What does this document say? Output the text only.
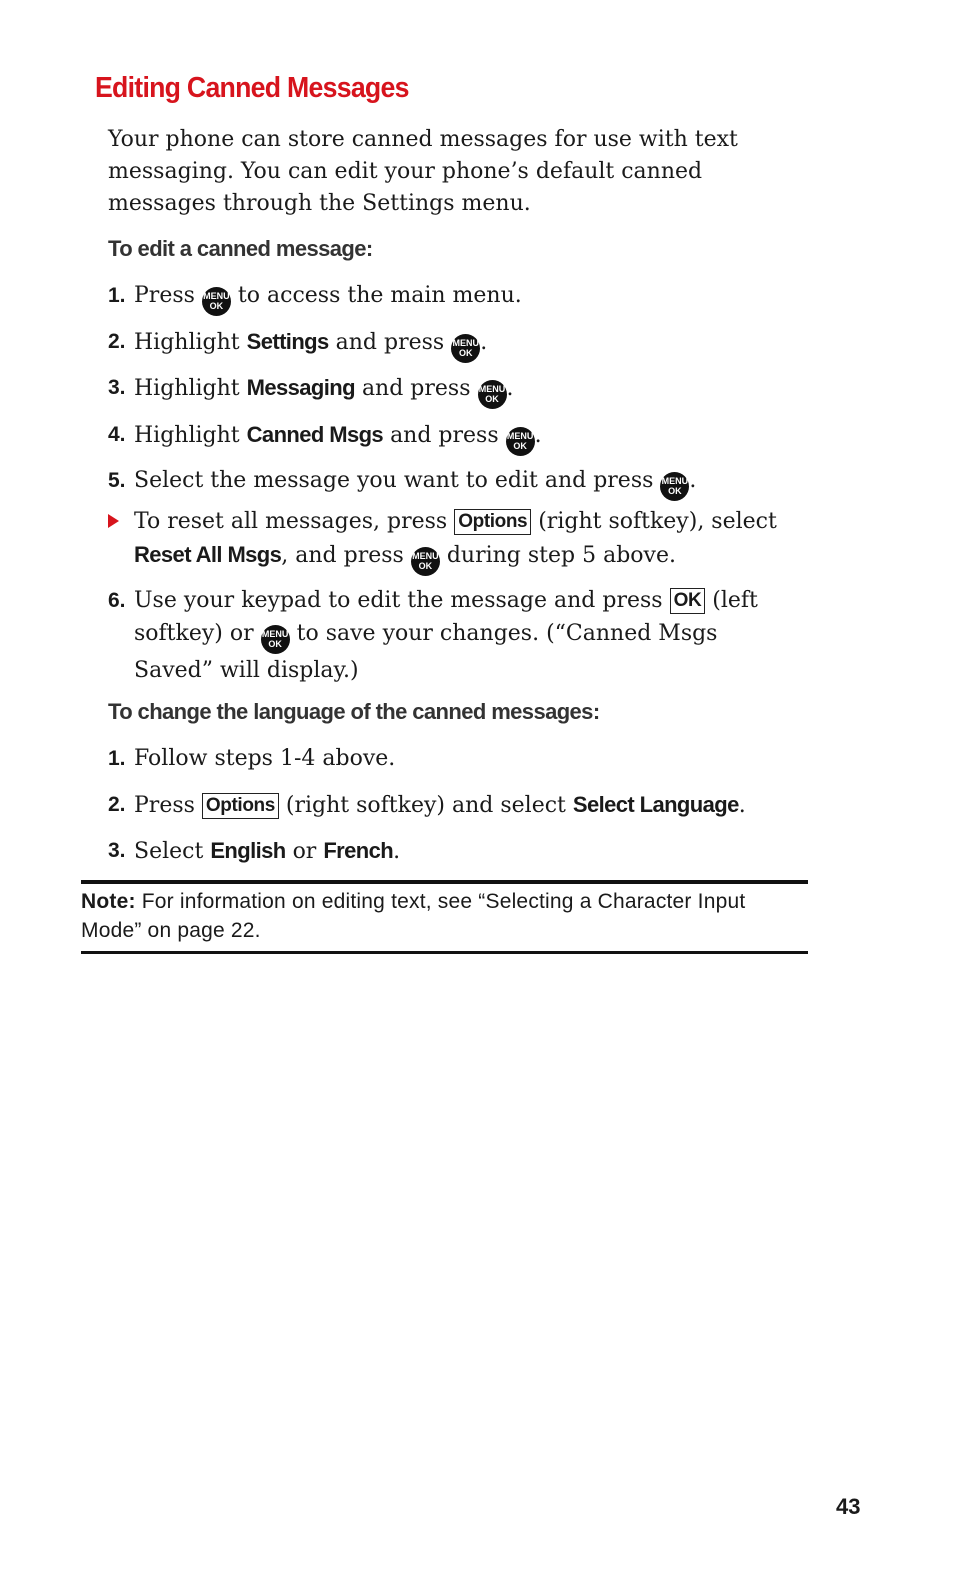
Editing Canned Messages

Your phone can store canned messages for use with text messaging. You can edit your phone’s default canned messages through the Settings menu.

To edit a canned message:

1. Press MENU
OK to access the main menu.

2. Highlight Settings and press MENU
OK .

3. Highlight Messaging and press MENU
OK .

4. Highlight Canned Msgs and press MENU
OK .

5. Select the message you want to edit and press MENU
OK .

To reset all messages, press Options (right softkey), select Reset All Msgs, and press MENU
OK during step 5 above.

6. Use your keypad to edit the message and press OK (left softkey) or MENU
OK to save your changes. (“Canned Msgs Saved” will display.)

To change the language of the canned messages:

1. Follow steps 1-4 above.

2. Press Options (right softkey) and select Select Language.

3. Select English or French.

Note: For information on editing text, see “Selecting a Character Input Mode” on page 22.

43
